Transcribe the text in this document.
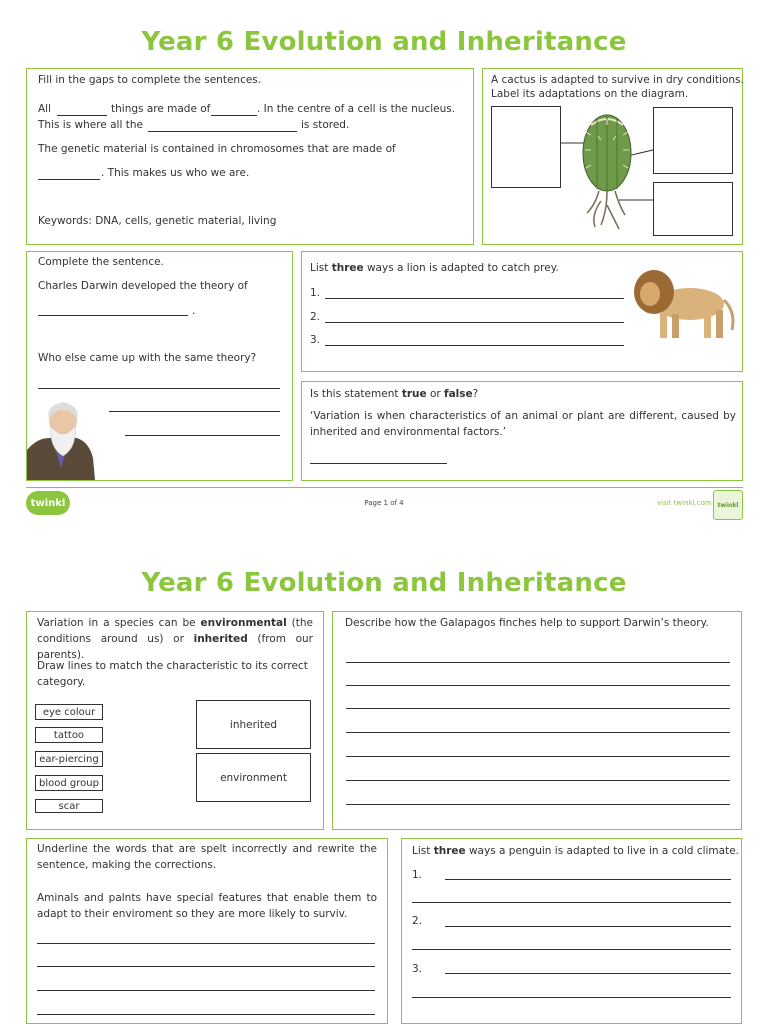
Year 6 Evolution and Inheritance
Fill in the gaps to complete the sentences.
All	things are made of	. In the centre of a cell is the nucleus.
This is where all the	is stored.
The genetic material is contained in chromosomes that are made of
. This makes us who we are.
Keywords: DNA, cells, genetic material, living
A cactus is adapted to survive in dry conditions.
Label its adaptations on the diagram.
Complete the sentence.
Charles Darwin developed the theory of
.
Who else came up with the same theory?
List three ways a lion is adapted to catch prey.
1.
2.
3.
Is this statement true or false?
‘Variation is when characteristics of an animal or plant are different, caused by inherited and environmental factors.’
twinkl	Page 1 of 4	visit twinkl.com twinkl
Year 6 Evolution and Inheritance
Variation in a species can be environmental (the conditions around us) or inherited (from our parents).
Draw lines to match the characteristic to its correct category.
eye colour
tattoo
ear-piercing
blood group
scar
inherited
environment
Describe how the Galapagos finches help to support Darwin’s theory.
Underline the words that are spelt incorrectly and rewrite the sentence, making the corrections.
Aminals and palnts have special features that enable them to adapt to their enviroment so they are more likely to surviv.
List three ways a penguin is adapted to live in a cold climate.
1.
2.
3.
